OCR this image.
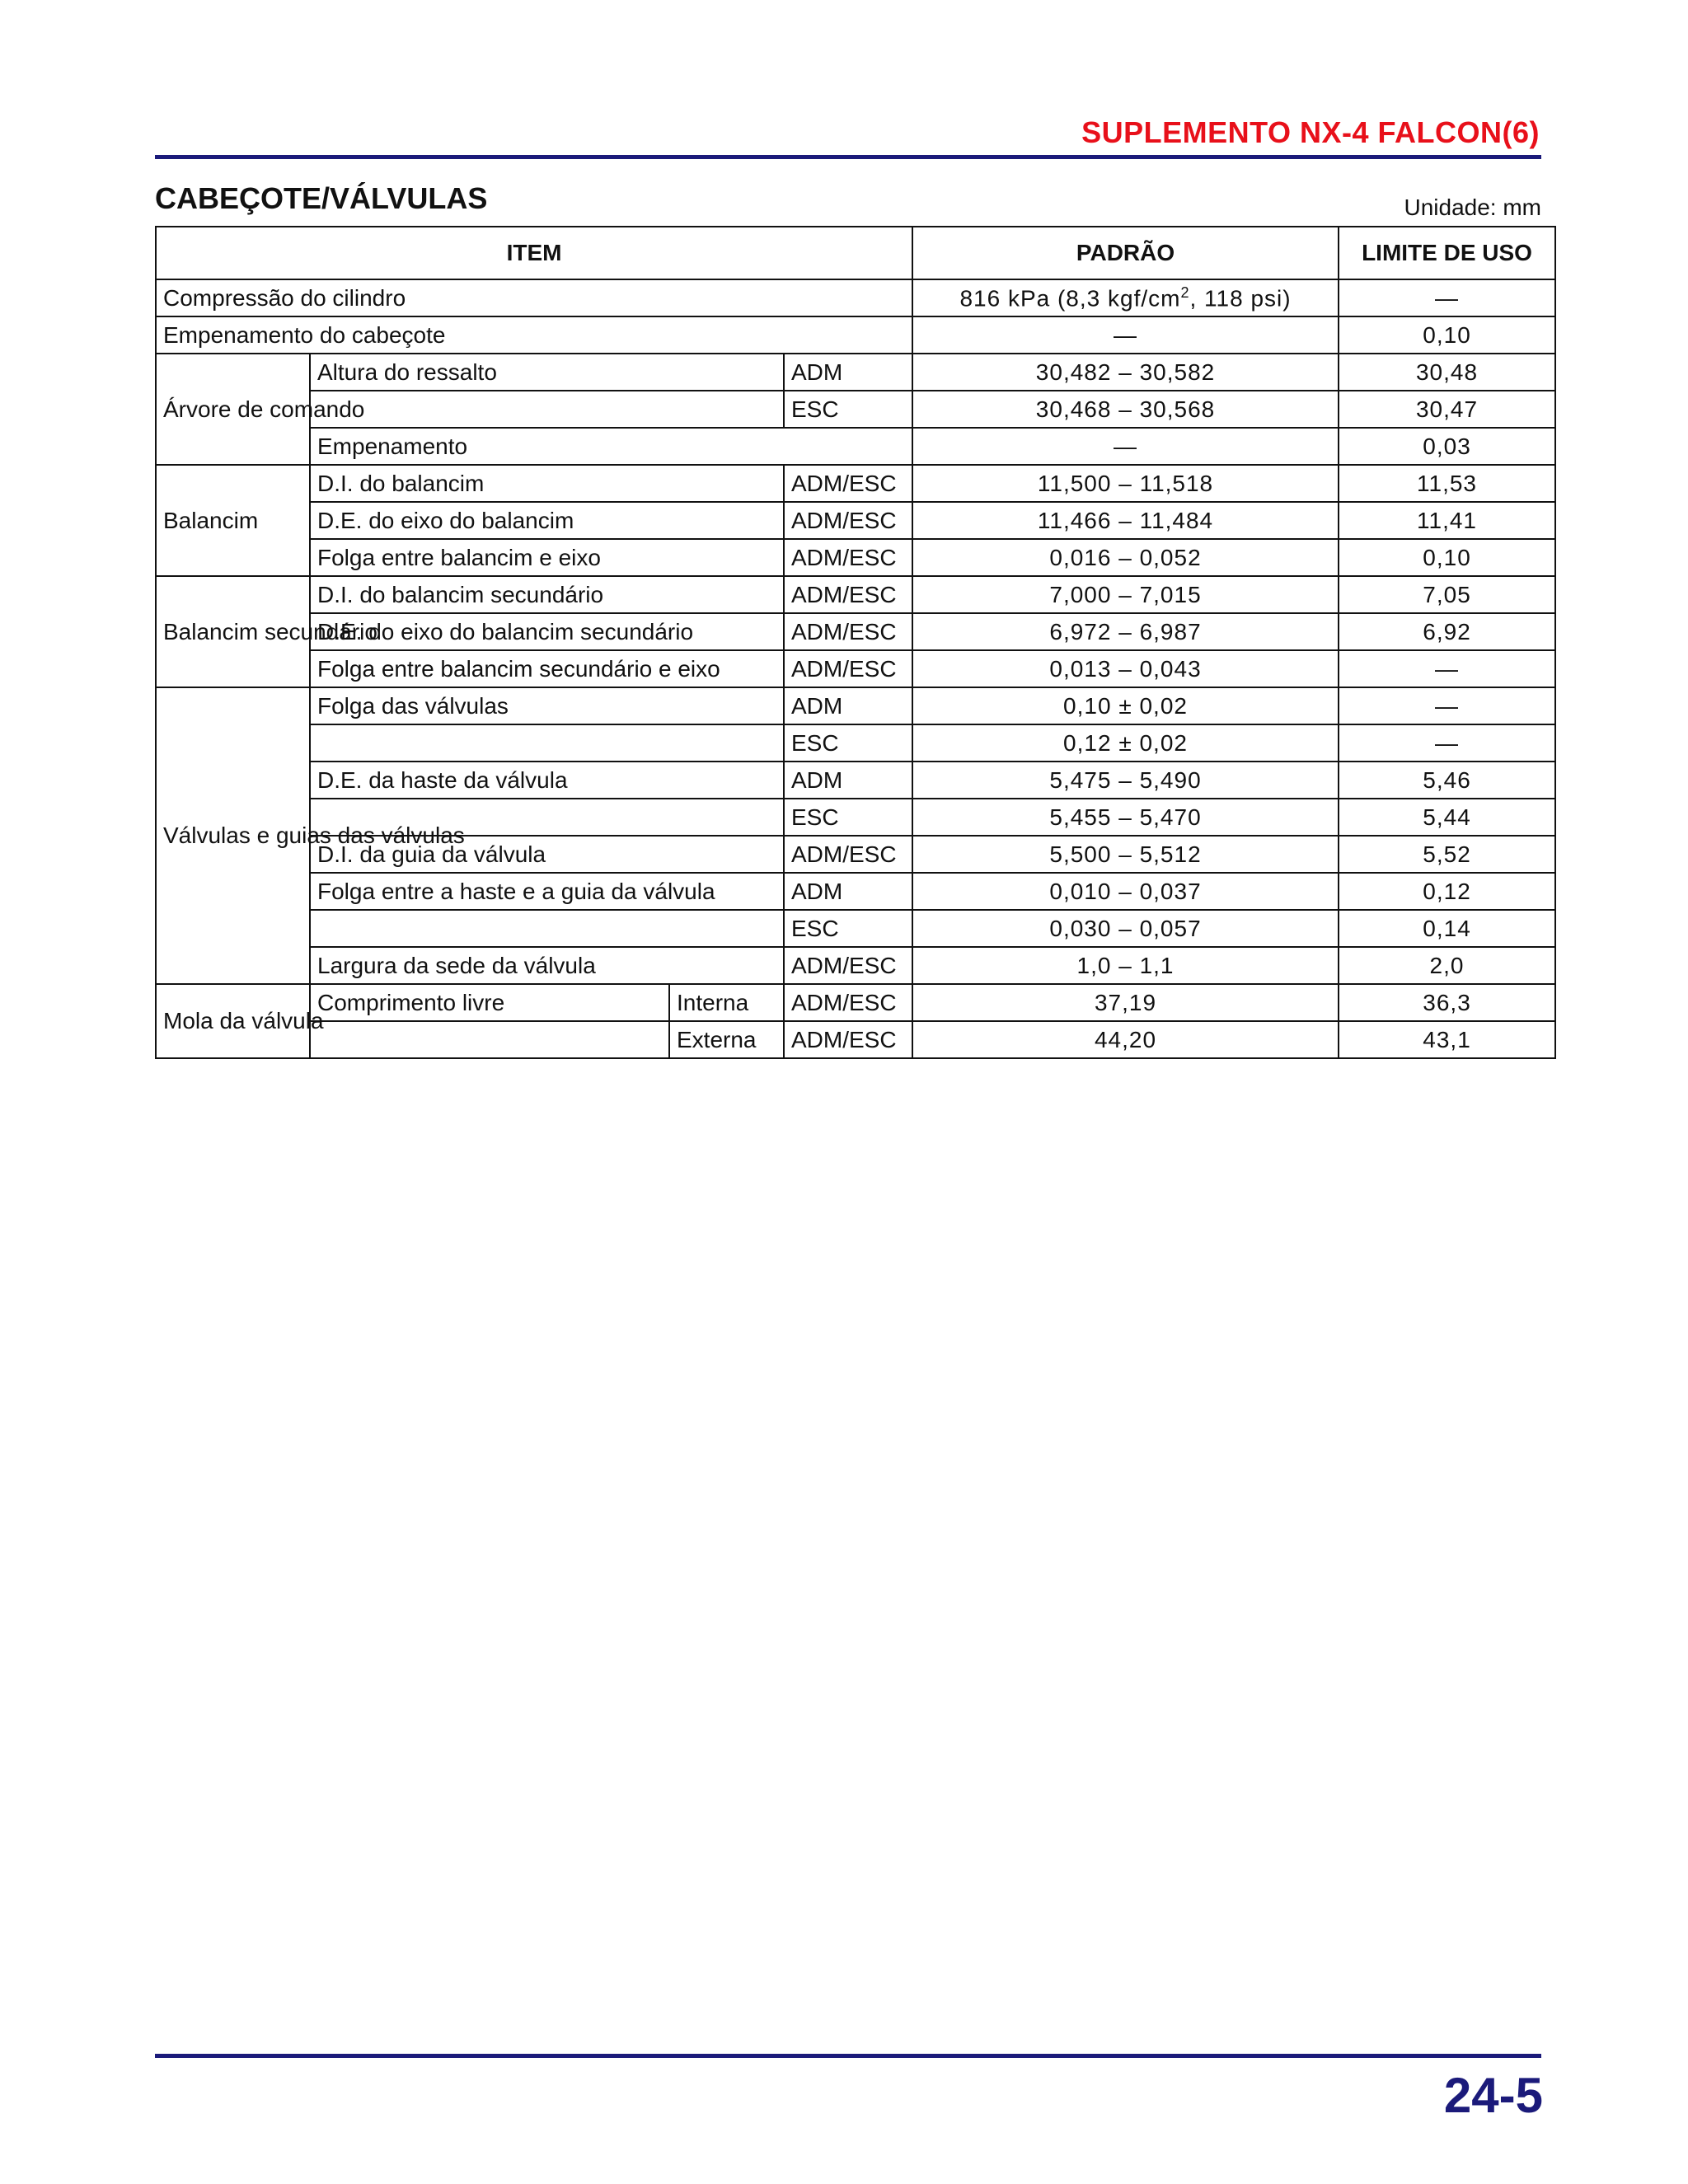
SUPLEMENTO NX-4 FALCON(6)
CABEÇOTE/VÁLVULAS	Unidade: mm
ITEM				PADRÃO	LIMITE DE USO
Compressão do cilindro				816 kPa (8,3 kgf/$cm^2$, 118 psi)	—
Empenamento do cabeçote				—	0,10
Árvore de comando	Altura do ressalto		ADM	30,482 – 30,582	30,48
			ESC	30,468 – 30,568	30,47
	Empenamento			—	0,03
Balancim	D.I. do balancim		ADM/ESC	11,500 – 11,518	11,53
	D.E. do eixo do balancim		ADM/ESC	11,466 – 11,484	11,41
	Folga entre balancim e eixo		ADM/ESC	0,016 – 0,052	0,10
Balancim secundário	D.I. do balancim secundário		ADM/ESC	7,000 – 7,015	7,05
	D.E. do eixo do balancim secundário		ADM/ESC	6,972 – 6,987	6,92
	Folga entre balancim secundário e eixo		ADM/ESC	0,013 – 0,043	—
Válvulas e guias das válvulas	Folga das válvulas		ADM	0,10 ± 0,02	—
			ESC	0,12 ± 0,02	—
	D.E. da haste da válvula		ADM	5,475 – 5,490	5,46
			ESC	5,455 – 5,470	5,44
	D.I. da guia da válvula		ADM/ESC	5,500 – 5,512	5,52
	Folga entre a haste e a guia da válvula		ADM	0,010 – 0,037	0,12
			ESC	0,030 – 0,057	0,14
	Largura da sede da válvula		ADM/ESC	1,0 – 1,1	2,0
Mola da válvula	Comprimento livre	Interna	ADM/ESC	37,19	36,3
		Externa	ADM/ESC	44,20	43,1
24-5
